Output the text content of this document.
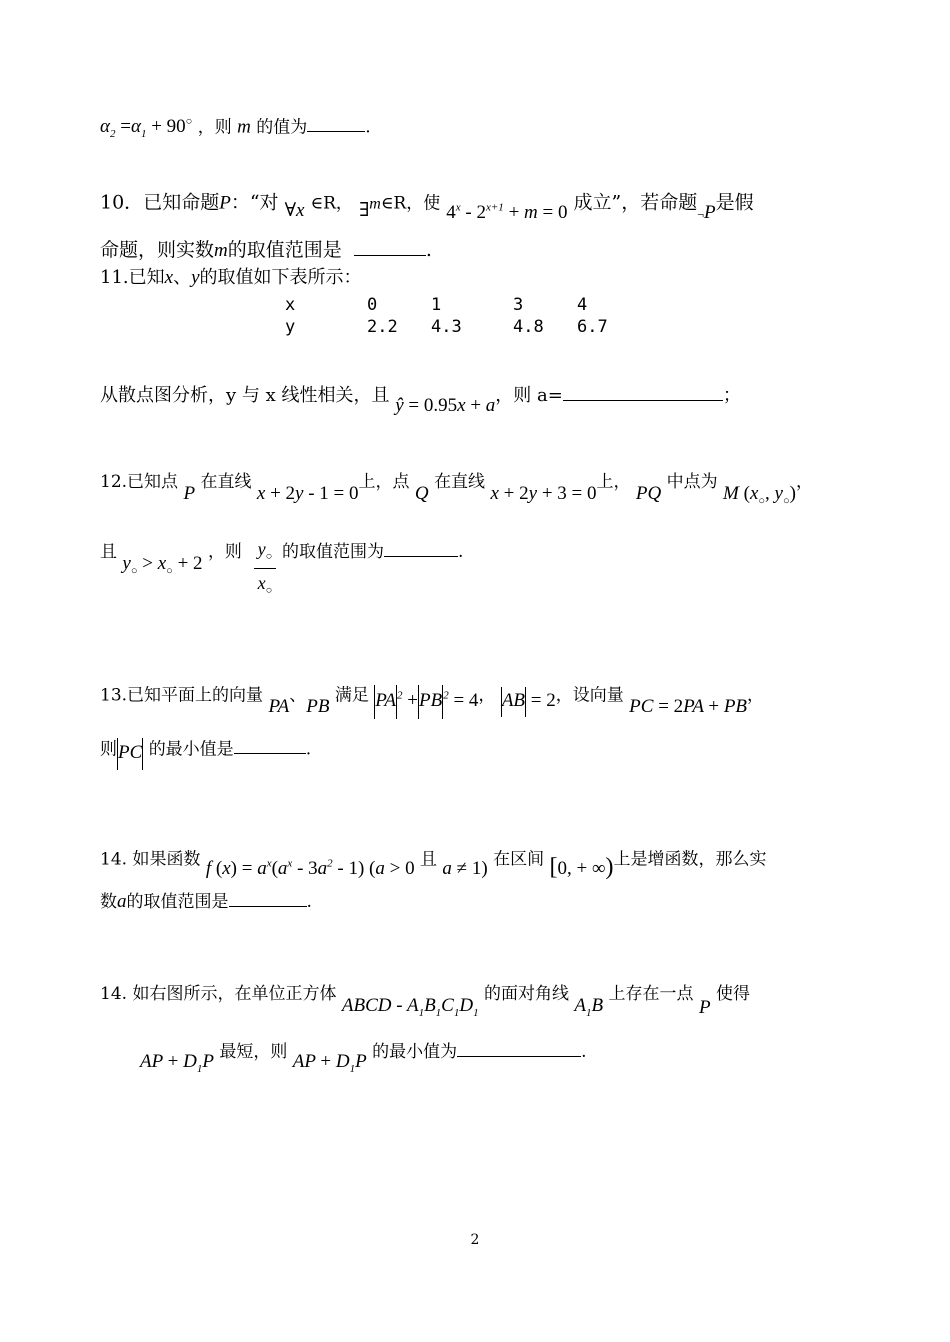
$\alpha_2 =\alpha_1 + 90^○$ ，则 m 的值为	.
10．已知命题P：“对 ∀x ∈R， ∃m∈R，使 $4^x - 2^{x+1} + m = 0$ 成立”，若命题¬P是假
命题，则实数m的取值范围是	.
11.已知x、y的取值如下表所示：
x	0	1	3	4
y	2.2	4.3	4.8	6.7
从散点图分析，y 与 x 线性相关，且 ŷ = 0.95x + a，则 a=	；
12.已知点 P 在直线 x + 2y - 1 = 0上，点 Q 在直线 x + 2y + 3 = 0上， PQ 中点为 M ($x_○$, $y_○$)，
且 $y_○ > x_○ + 2$ ，则 $y_○$
$x_○$
的取值范围为	.
13.已知平面上的向量 PA、PB 满足 $PA^2 +PB^2 = 4$， AB = 2，设向量 PC = 2PA + PB，
则PC 的最小值是	.
14. 如果函数 f $(x) = a^x(a^x - 3a^2 - 1) (a > 0$ 且 a ≠ 1) 在区间 [0, + ∞)上是增函数，那么实
数a的取值范围是	.
14. 如右图所示，在单位正方体 ABCD - $A_1B_1C_1D_1$ 的面对角线 $A_1B$ 上存在一点 P 使得
AP + $D_1P$ 最短，则 AP + $D_1P$ 的最小值为	.
2
